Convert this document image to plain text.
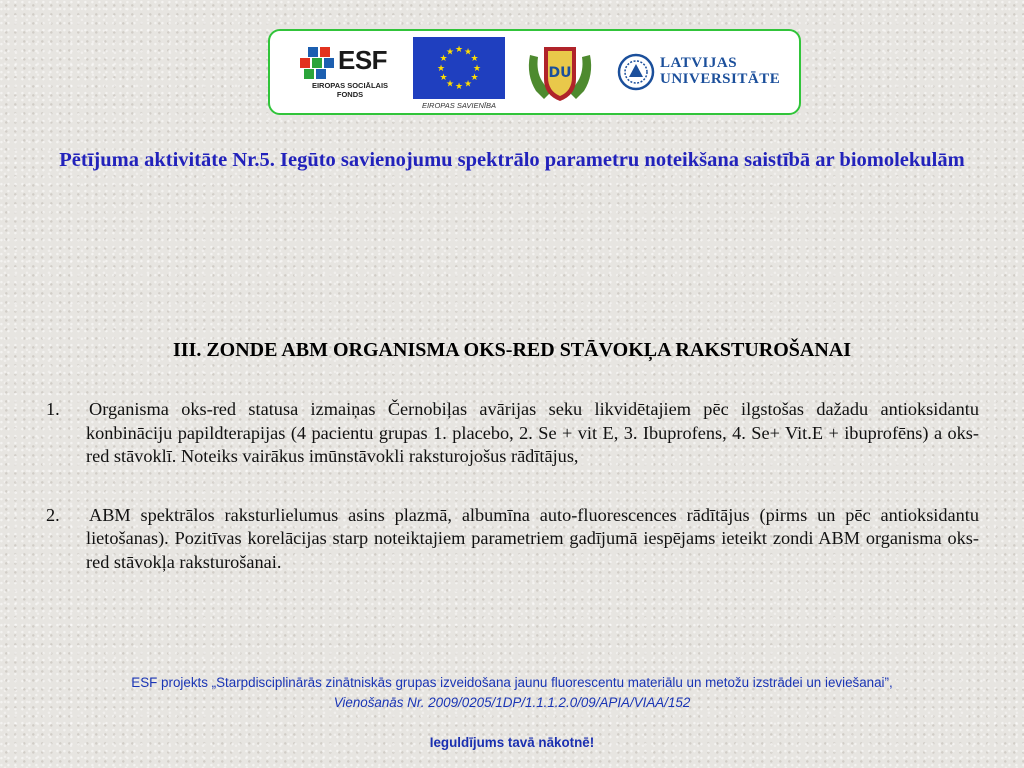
ESF
EIROPAS SOCIĀLAIS FONDS
★ ★
★
★
★
★
★
★
★
★
★
★
EIROPAS SAVIENĪBA
DU
LATVIJAS
UNIVERSITĀTE
Pētījuma aktivitāte Nr.5. Iegūto savienojumu spektrālo parametru noteikšana saistībā ar biomolekulām
III. ZONDE ABM ORGANISMA OKS-RED STĀVOKĻA RAKSTUROŠANAI
1. Organisma oks-red statusa izmaiņas Černobiļas avārijas seku likvidētajiem pēc ilgstošas dažadu antioksidantu konbināciju papildterapijas (4 pacientu grupas 1. placebo, 2. Se + vit E, 3. Ibuprofens, 4. Se+ Vit.E + ibuprofēns) a oks-red stāvoklī. Noteiks vairākus imūnstāvokli raksturojošus rādītājus,
2. ABM spektrālos raksturlielumus asins plazmā, albumīna auto-fluorescences rādītājus (pirms un pēc antioksidantu lietošanas). Pozitīvas korelācijas starp noteiktajiem parametriem gadījumā iespējams ieteikt zondi ABM organisma oks-red stāvokļa raksturošanai.
ESF projekts „Starpdisciplinārās zinātniskās grupas izveidošana jaunu fluorescentu materiālu un metožu izstrādei un ieviešanai”,
Vienošanās Nr. 2009/0205/1DP/1.1.1.2.0/09/APIA/VIAA/152
Ieguldījums tavā nākotnē!
